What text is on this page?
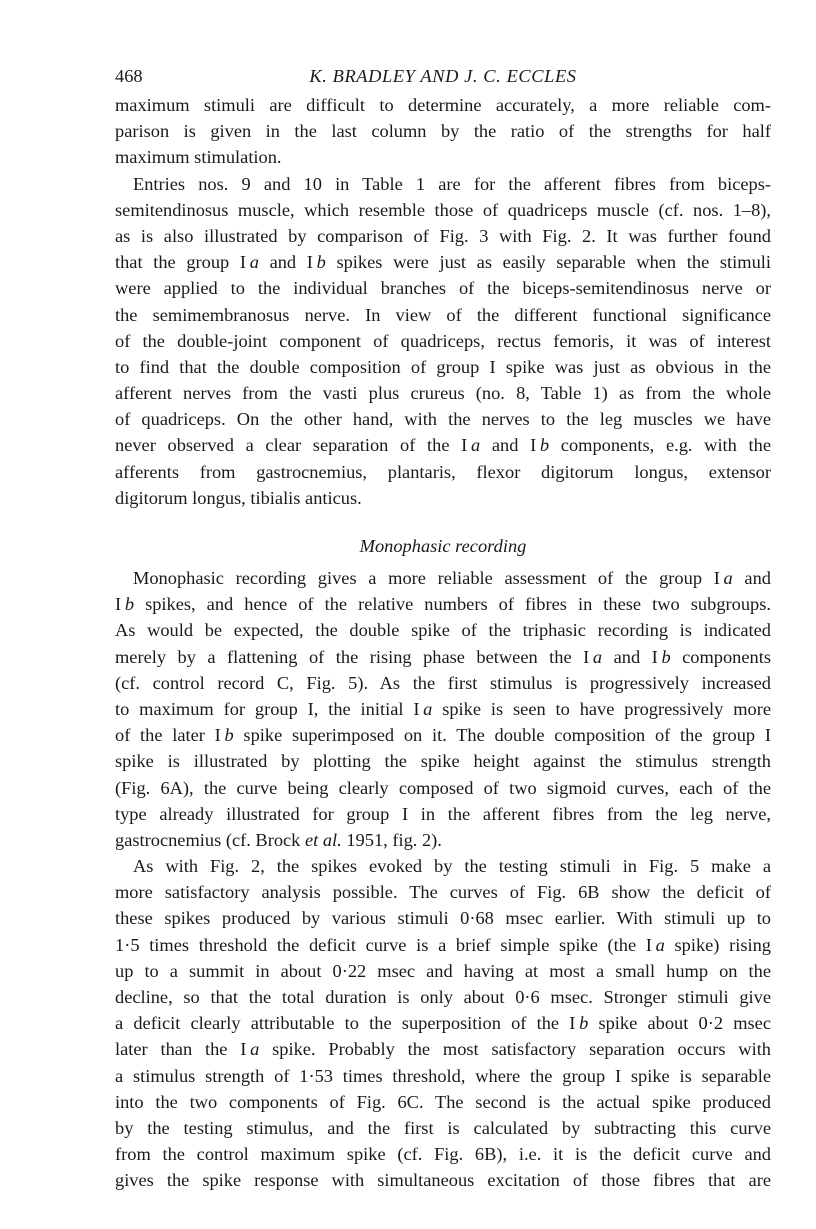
468	K. BRADLEY AND J. C. ECCLES
maximum stimuli are difficult to determine accurately, a more reliable com-
parison is given in the last column by the ratio of the strengths for half
maximum stimulation.
Entries nos. 9 and 10 in Table 1 are for the afferent fibres from biceps-
semitendinosus muscle, which resemble those of quadriceps muscle (cf. nos. 1–8),
as is also illustrated by comparison of Fig. 3 with Fig. 2. It was further found
that the group I a and I b spikes were just as easily separable when the stimuli
were applied to the individual branches of the biceps-semitendinosus nerve or
the semimembranosus nerve. In view of the different functional significance
of the double-joint component of quadriceps, rectus femoris, it was of interest
to find that the double composition of group I spike was just as obvious in the
afferent nerves from the vasti plus crureus (no. 8, Table 1) as from the whole
of quadriceps. On the other hand, with the nerves to the leg muscles we have
never observed a clear separation of the I a and I b components, e.g. with the
afferents from gastrocnemius, plantaris, flexor digitorum longus, extensor
digitorum longus, tibialis anticus.
Monophasic recording
Monophasic recording gives a more reliable assessment of the group I a and
I b spikes, and hence of the relative numbers of fibres in these two subgroups.
As would be expected, the double spike of the triphasic recording is indicated
merely by a flattening of the rising phase between the I a and I b components
(cf. control record C, Fig. 5). As the first stimulus is progressively increased
to maximum for group I, the initial I a spike is seen to have progressively more
of the later I b spike superimposed on it. The double composition of the group I
spike is illustrated by plotting the spike height against the stimulus strength
(Fig. 6A), the curve being clearly composed of two sigmoid curves, each of the
type already illustrated for group I in the afferent fibres from the leg nerve,
gastrocnemius (cf. Brock et al. 1951, fig. 2).
As with Fig. 2, the spikes evoked by the testing stimuli in Fig. 5 make a
more satisfactory analysis possible. The curves of Fig. 6B show the deficit of
these spikes produced by various stimuli 0·68 msec earlier. With stimuli up to
1·5 times threshold the deficit curve is a brief simple spike (the I a spike) rising
up to a summit in about 0·22 msec and having at most a small hump on the
decline, so that the total duration is only about 0·6 msec. Stronger stimuli give
a deficit clearly attributable to the superposition of the I b spike about 0·2 msec
later than the I a spike. Probably the most satisfactory separation occurs with
a stimulus strength of 1·53 times threshold, where the group I spike is separable
into the two components of Fig. 6C. The second is the actual spike produced
by the testing stimulus, and the first is calculated by subtracting this curve
from the control maximum spike (cf. Fig. 6B), i.e. it is the deficit curve and
gives the spike response with simultaneous excitation of those fibres that are
